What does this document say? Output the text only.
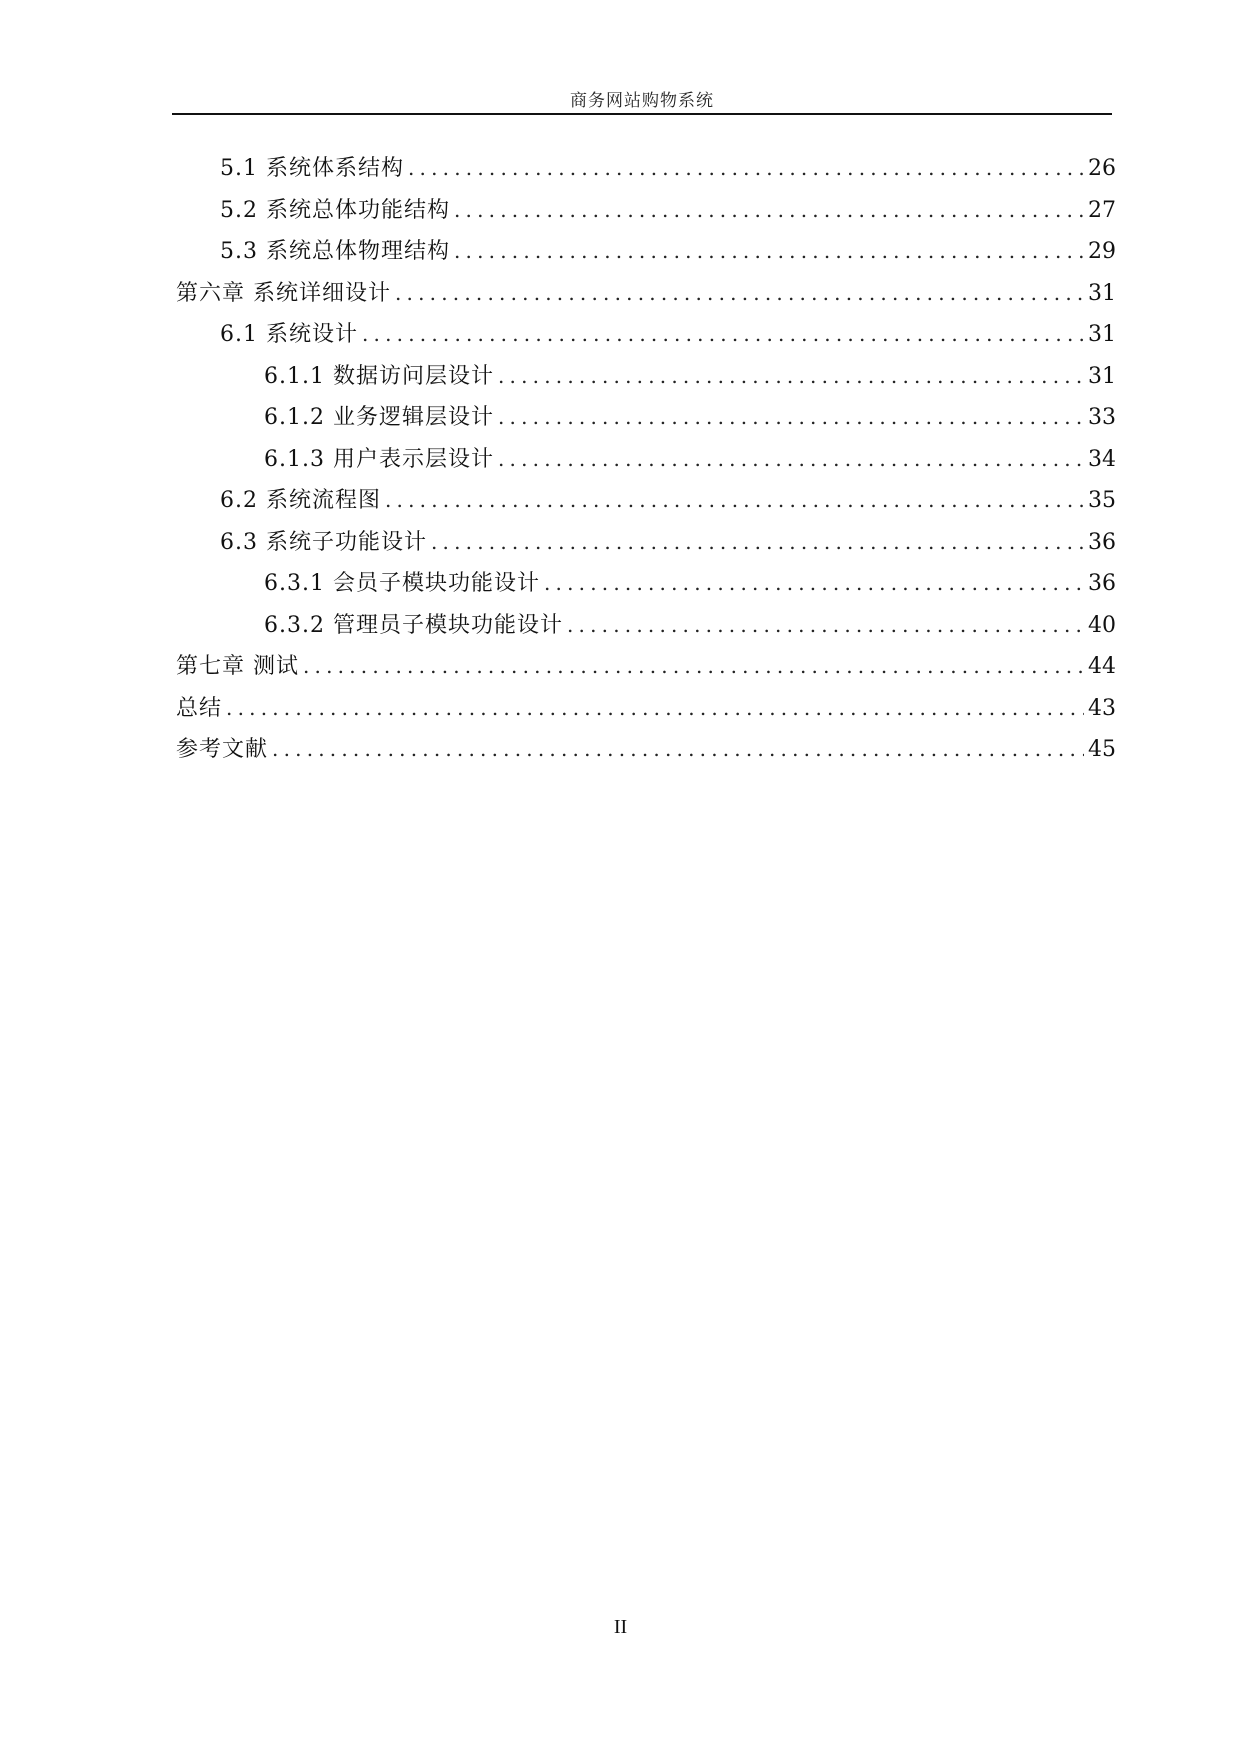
商务网站购物系统
5.1 系统体系结构 .....	26
5.2 系统总体功能结构 .....	27
5.3 系统总体物理结构 .....	29
第六章 系统详细设计 .....	31
6.1 系统设计 .....	31
6.1.1 数据访问层设计 .....	31
6.1.2 业务逻辑层设计 .....	33
6.1.3 用户表示层设计 .....	34
6.2 系统流程图 .....	35
6.3 系统子功能设计 .....	36
6.3.1 会员子模块功能设计 .....	36
6.3.2 管理员子模块功能设计 .....	40
第七章 测试 .....	44
总结 .....	43
参考文献 .....	45
II
